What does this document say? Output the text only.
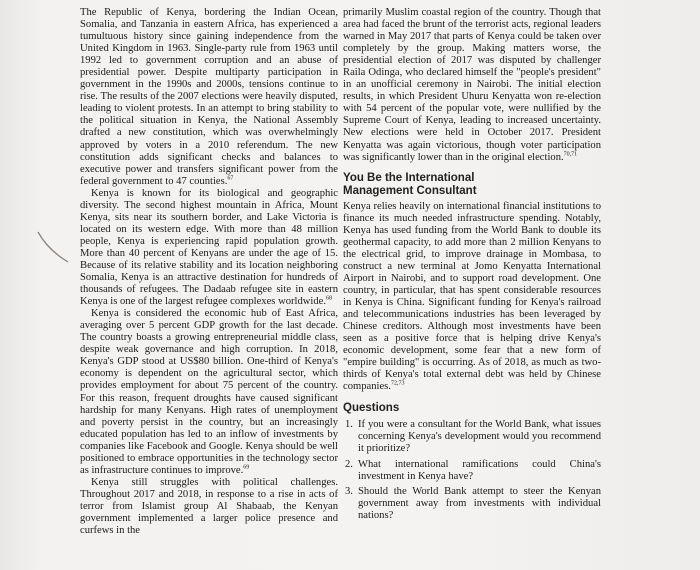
The Republic of Kenya, bordering the Indian Ocean, Somalia, and Tanzania in eastern Africa, has experienced a tumultuous history since gaining independence from the United Kingdom in 1963. Single-party rule from 1963 until 1992 led to government corruption and an abuse of presidential power. Despite multiparty participation in government in the 1990s and 2000s, tensions continue to rise. The results of the 2007 elections were heavily disputed, leading to violent protests. In an attempt to bring stability to the political situation in Kenya, the National Assembly drafted a new constitution, which was overwhelmingly approved by voters in a 2010 referendum. The new constitution adds significant checks and balances to executive power and transfers significant power from the federal government to 47 counties.$^{67}$

Kenya is known for its biological and geographic diversity. The second highest mountain in Africa, Mount Kenya, sits near its southern border, and Lake Victoria is located on its western edge. With more than 48 million people, Kenya is experiencing rapid population growth. More than 40 percent of Kenyans are under the age of 15. Because of its relative stability and its location neighboring Somalia, Kenya is an attractive destination for hundreds of thousands of refugees. The Dadaab refugee site in eastern Kenya is one of the largest refugee complexes worldwide.$^{68}$

Kenya is considered the economic hub of East Africa, averaging over 5 percent GDP growth for the last decade. The country boasts a growing entrepreneurial middle class, despite weak governance and high corruption. In 2018, Kenya's GDP stood at US$80 billion. One-third of Kenya's economy is dependent on the agricultural sector, which provides employment for about 75 percent of the country. For this reason, frequent droughts have caused significant hardship for many Kenyans. High rates of unemployment and poverty persist in the country, but an increasingly educated population has led to an inflow of investments by companies like Facebook and Google. Kenya should be well positioned to embrace opportunities in the technology sector as infrastructure continues to improve.$^{69}$

Kenya still struggles with political challenges. Throughout 2017 and 2018, in response to a rise in acts of terror from Islamist group Al Shabaab, the Kenyan government implemented a larger police presence and curfews in the

primarily Muslim coastal region of the country. Though that area had faced the brunt of the terrorist acts, regional leaders warned in May 2017 that parts of Kenya could be taken over completely by the group. Making matters worse, the presidential election of 2017 was disputed by challenger Raila Odinga, who declared himself the "people's president" in an unofficial ceremony in Nairobi. The initial election results, in which President Uhuru Kenyatta won re-election with 54 percent of the popular vote, were nullified by the Supreme Court of Kenya, leading to increased uncertainty. New elections were held in October 2017. President Kenyatta was again victorious, though voter participation was significantly lower than in the original election.$^{70,71}$

You Be the International
Management Consultant

Kenya relies heavily on international financial institutions to finance its much needed infrastructure spending. Notably, Kenya has used funding from the World Bank to double its geothermal capacity, to add more than 2 million Kenyans to the electrical grid, to improve drainage in Mombasa, to construct a new terminal at Jomo Kenyatta International Airport in Nairobi, and to support road development. One country, in particular, that has spent considerable resources in Kenya is China. Significant funding for Kenya's railroad and telecommunications industries has been leveraged by Chinese creditors. Although most investments have been seen as a positive force that is helping drive Kenya's economic development, some fear that a new form of "empire building" is occurring. As of 2018, as much as two-thirds of Kenya's total external debt was held by Chinese companies.$^{72,73}$

Questions
1. If you were a consultant for the World Bank, what issues concerning Kenya's development would you recommend it prioritize?
2. What international ramifications could China's investment in Kenya have?
3. Should the World Bank attempt to steer the Kenyan government away from investments with individual nations?
